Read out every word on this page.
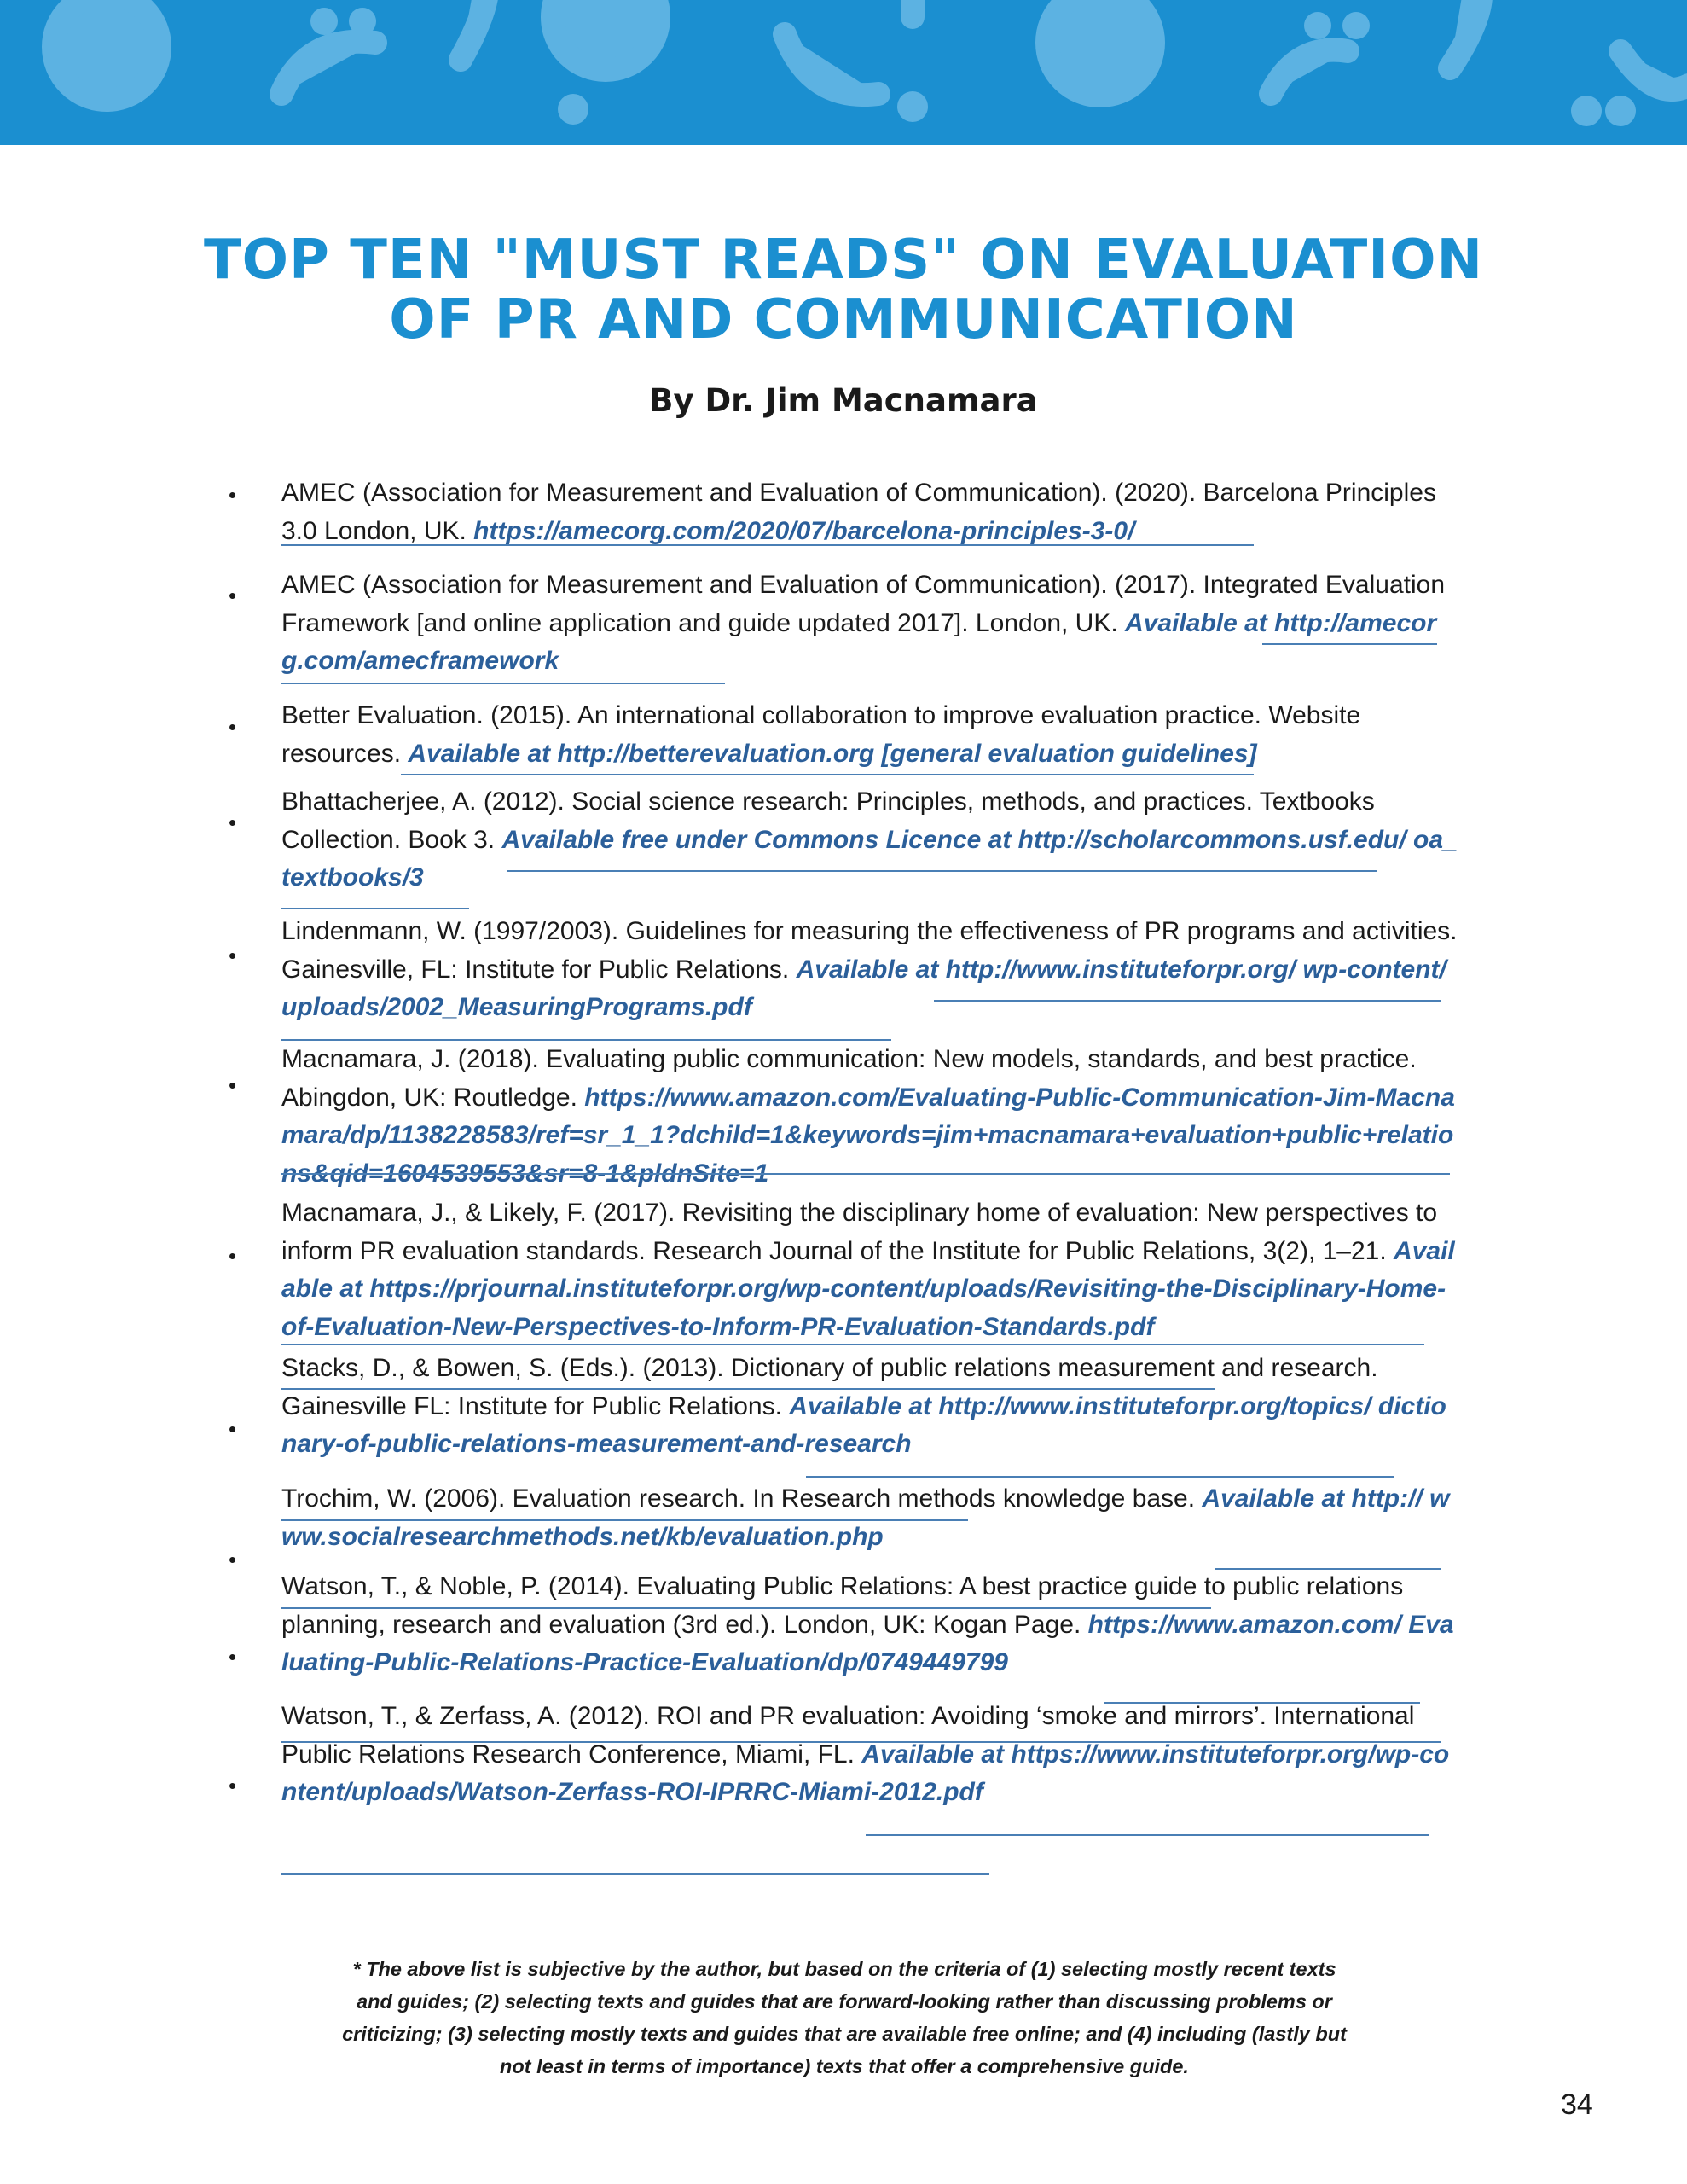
TOP TEN "MUST READS" ON EVALUATION
OF PR AND COMMUNICATION
By Dr. Jim Macnamara
•	AMEC (Association for Measurement and Evaluation of Communication). (2020). Barcelona Principles 3.0 London, UK. https://amecorg.com/2020/07/barcelona-principles-3-0/
•	AMEC (Association for Measurement and Evaluation of Communication). (2017). Integrated Evaluation Framework [and online application and guide updated 2017]. London, UK. Available at http://amecorg.com/amecframework
•	Better Evaluation. (2015). An international collaboration to improve evaluation practice. Website resources. Available at http://betterevaluation.org [general evaluation guidelines]
•
Bhattacherjee, A. (2012). Social science research: Principles, methods, and practices. Textbooks Collection. Book 3. Available free under Commons Licence at http://scholarcommons.usf.edu/ oa_textbooks/3
•
Lindenmann, W. (1997/2003). Guidelines for measuring the effectiveness of PR programs and activities. Gainesville, FL: Institute for Public Relations. Available at http://www.instituteforpr.org/ wp-content/uploads/2002_MeasuringPrograms.pdf
•
Macnamara, J. (2018). Evaluating public communication: New models, standards, and best practice. Abingdon, UK: Routledge. https://www.amazon.com/Evaluating-Public-Communication-Jim-Macnamara/dp/1138228583/ref=sr_1_1?dchild=1&keywords=jim+macnamara+evaluation+public+relations&qid=1604539553&sr=8-1&pldnSite=1
•
Macnamara, J., & Likely, F. (2017). Revisiting the disciplinary home of evaluation: New perspectives to inform PR evaluation standards. Research Journal of the Institute for Public Relations, 3(2), 1–21. Available at https://prjournal.instituteforpr.org/wp-content/uploads/Revisiting-the-Disciplinary-Home-of-Evaluation-New-Perspectives-to-Inform-PR-Evaluation-Standards.pdf
•
Stacks, D., & Bowen, S. (Eds.). (2013). Dictionary of public relations measurement and research. Gainesville FL: Institute for Public Relations. Available at http://www.instituteforpr.org/topics/ dictionary-of-public-relations-measurement-and-research
•
Trochim, W. (2006). Evaluation research. In Research methods knowledge base. Available at http:// www.socialresearchmethods.net/kb/evaluation.php
•
Watson, T., & Noble, P. (2014). Evaluating Public Relations: A best practice guide to public relations planning, research and evaluation (3rd ed.). London, UK: Kogan Page. https://www.amazon.com/ Evaluating-Public-Relations-Practice-Evaluation/dp/0749449799
•
Watson, T., & Zerfass, A. (2012). ROI and PR evaluation: Avoiding ‘smoke and mirrors’. International Public Relations Research Conference, Miami, FL. Available at https://www.instituteforpr.org/wp-content/uploads/Watson-Zerfass-ROI-IPRRC-Miami-2012.pdf

* The above list is subjective by the author, but based on the criteria of (1) selecting mostly recent texts and guides; (2) selecting texts and guides that are forward-looking rather than discussing problems or criticizing; (3) selecting mostly texts and guides that are available free online; and (4) including (lastly but not least in terms of importance) texts that offer a comprehensive guide.

34
